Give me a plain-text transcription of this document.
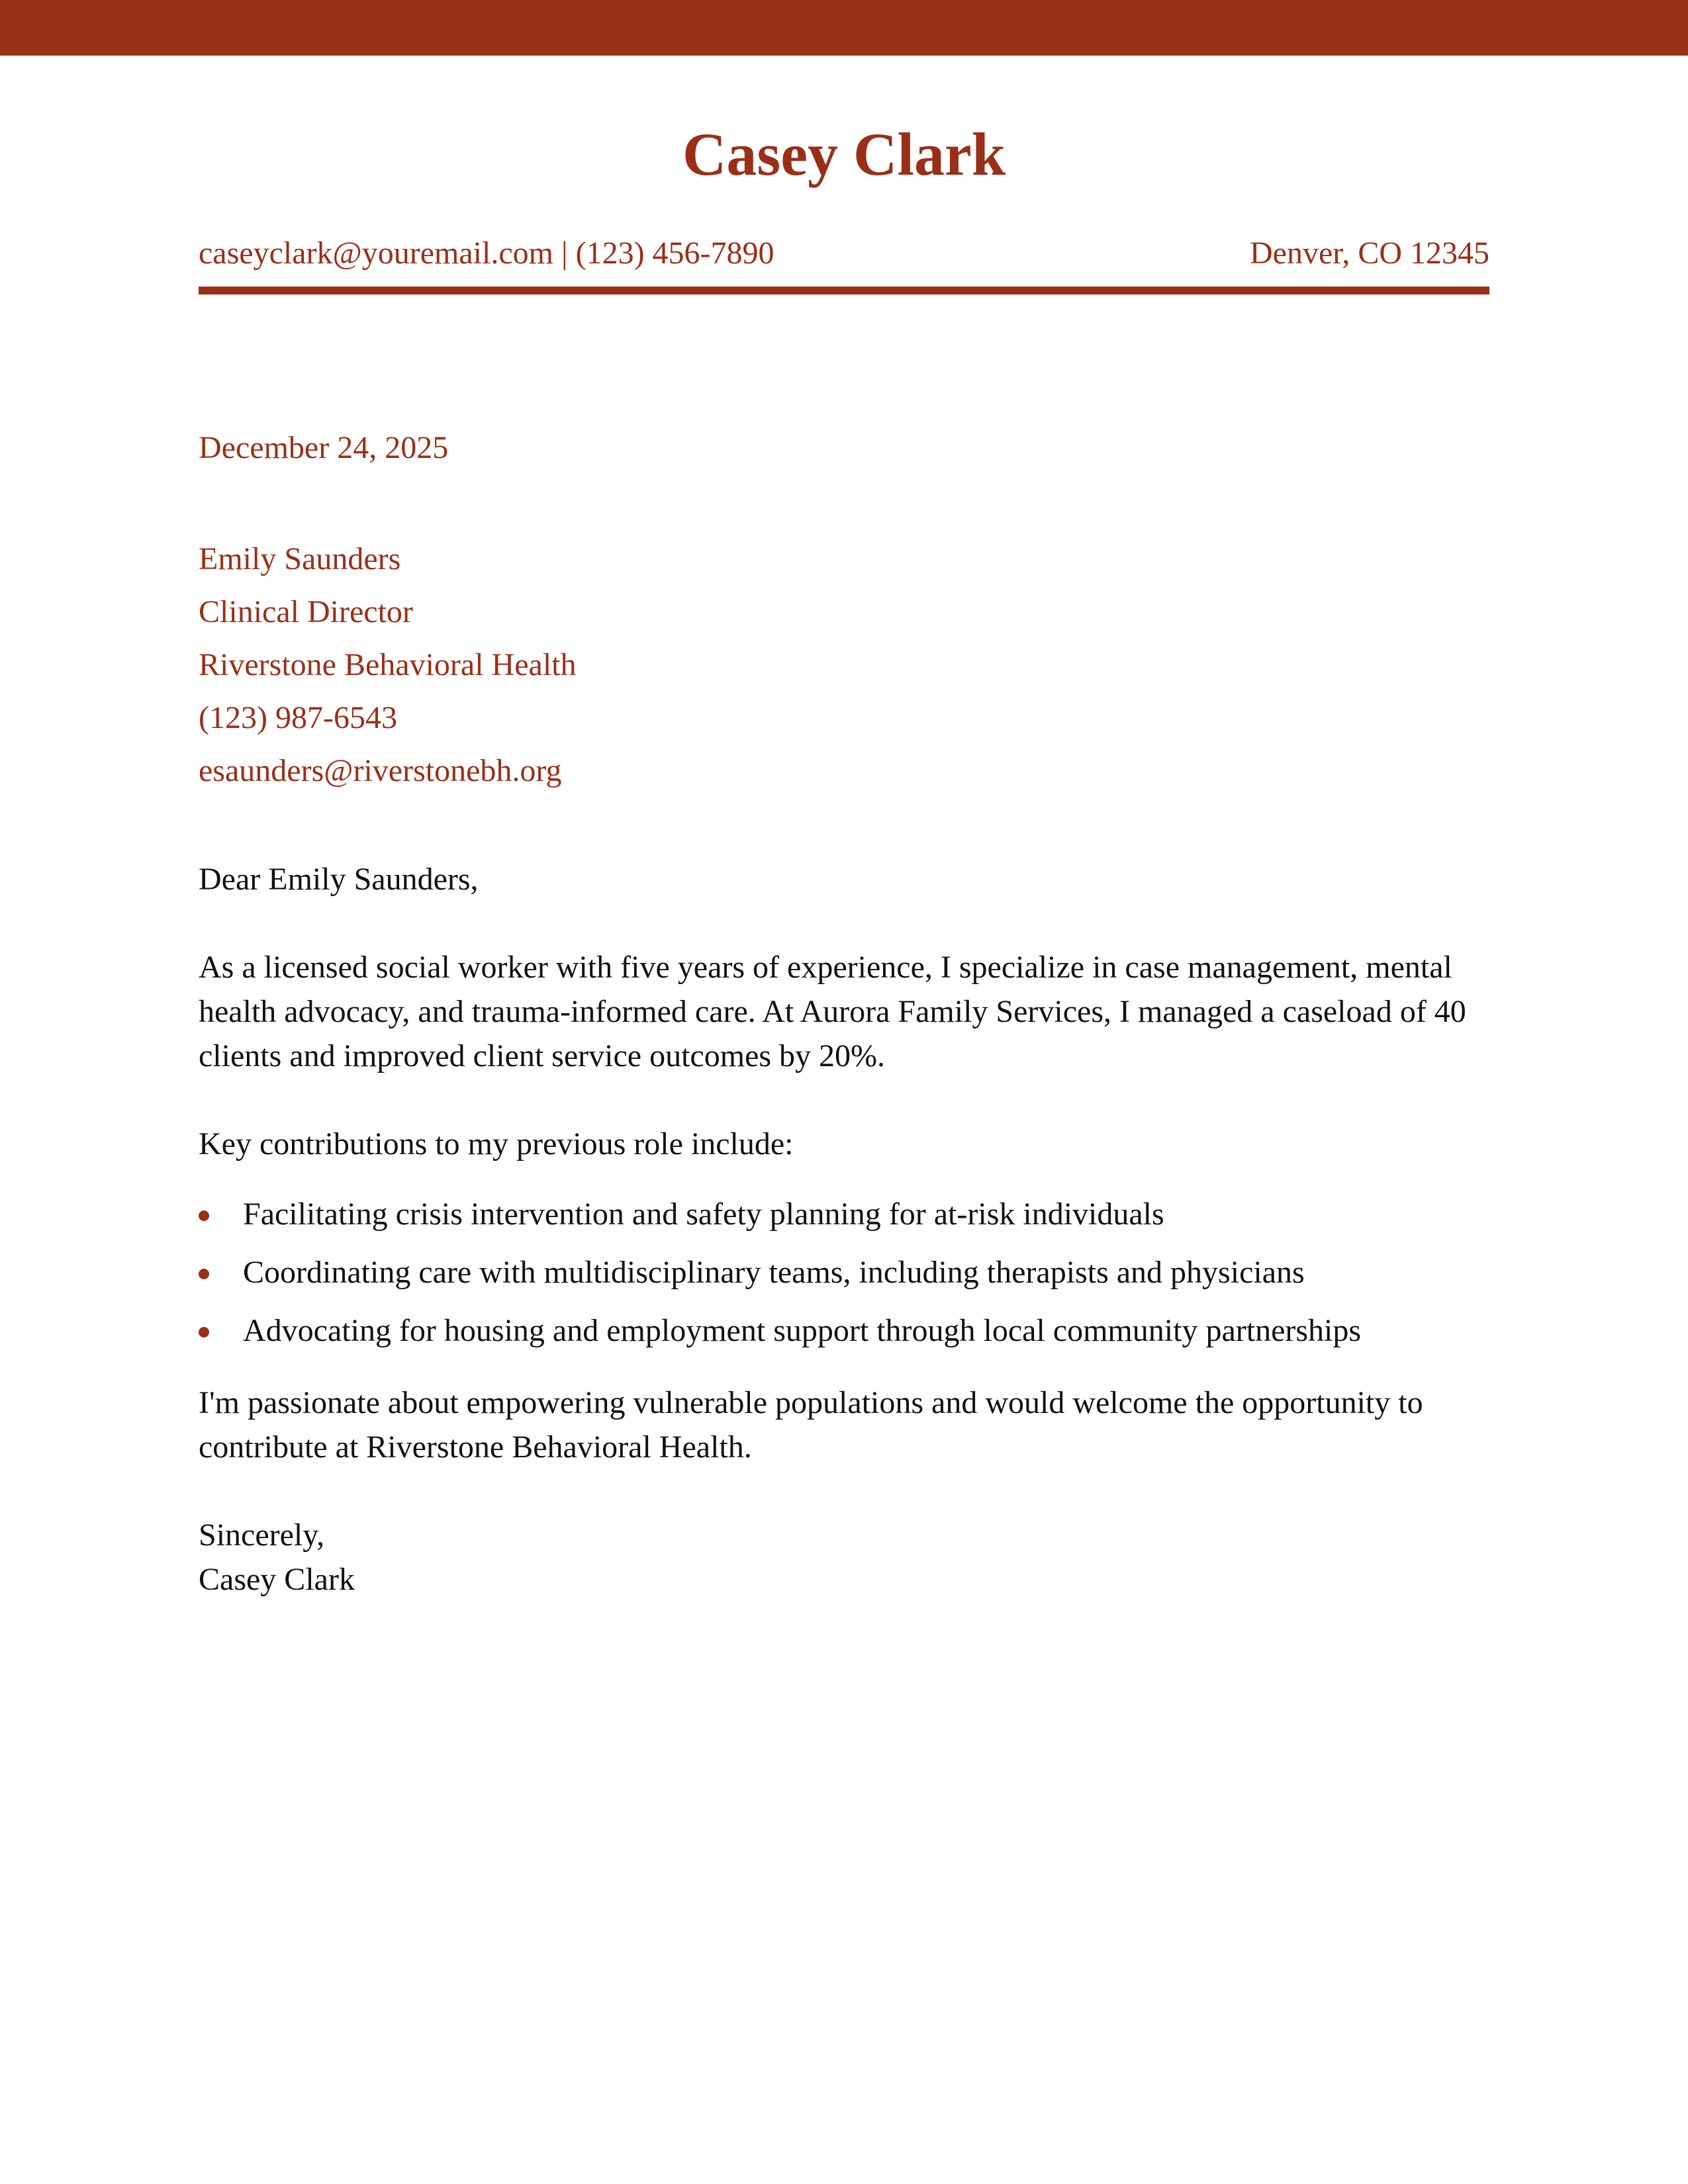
Casey Clark
caseyclark@youremail.com | (123) 456-7890	Denver, CO 12345
December 24, 2025
Emily Saunders
Clinical Director
Riverstone Behavioral Health
(123) 987-6543
esaunders@riverstonebh.org
Dear Emily Saunders,
As a licensed social worker with five years of experience, I specialize in case management, mental health advocacy, and trauma-informed care. At Aurora Family Services, I managed a caseload of 40 clients and improved client service outcomes by 20%.
Key contributions to my previous role include:
Facilitating crisis intervention and safety planning for at-risk individuals
Coordinating care with multidisciplinary teams, including therapists and physicians
Advocating for housing and employment support through local community partnerships
I'm passionate about empowering vulnerable populations and would welcome the opportunity to contribute at Riverstone Behavioral Health.
Sincerely,
Casey Clark
